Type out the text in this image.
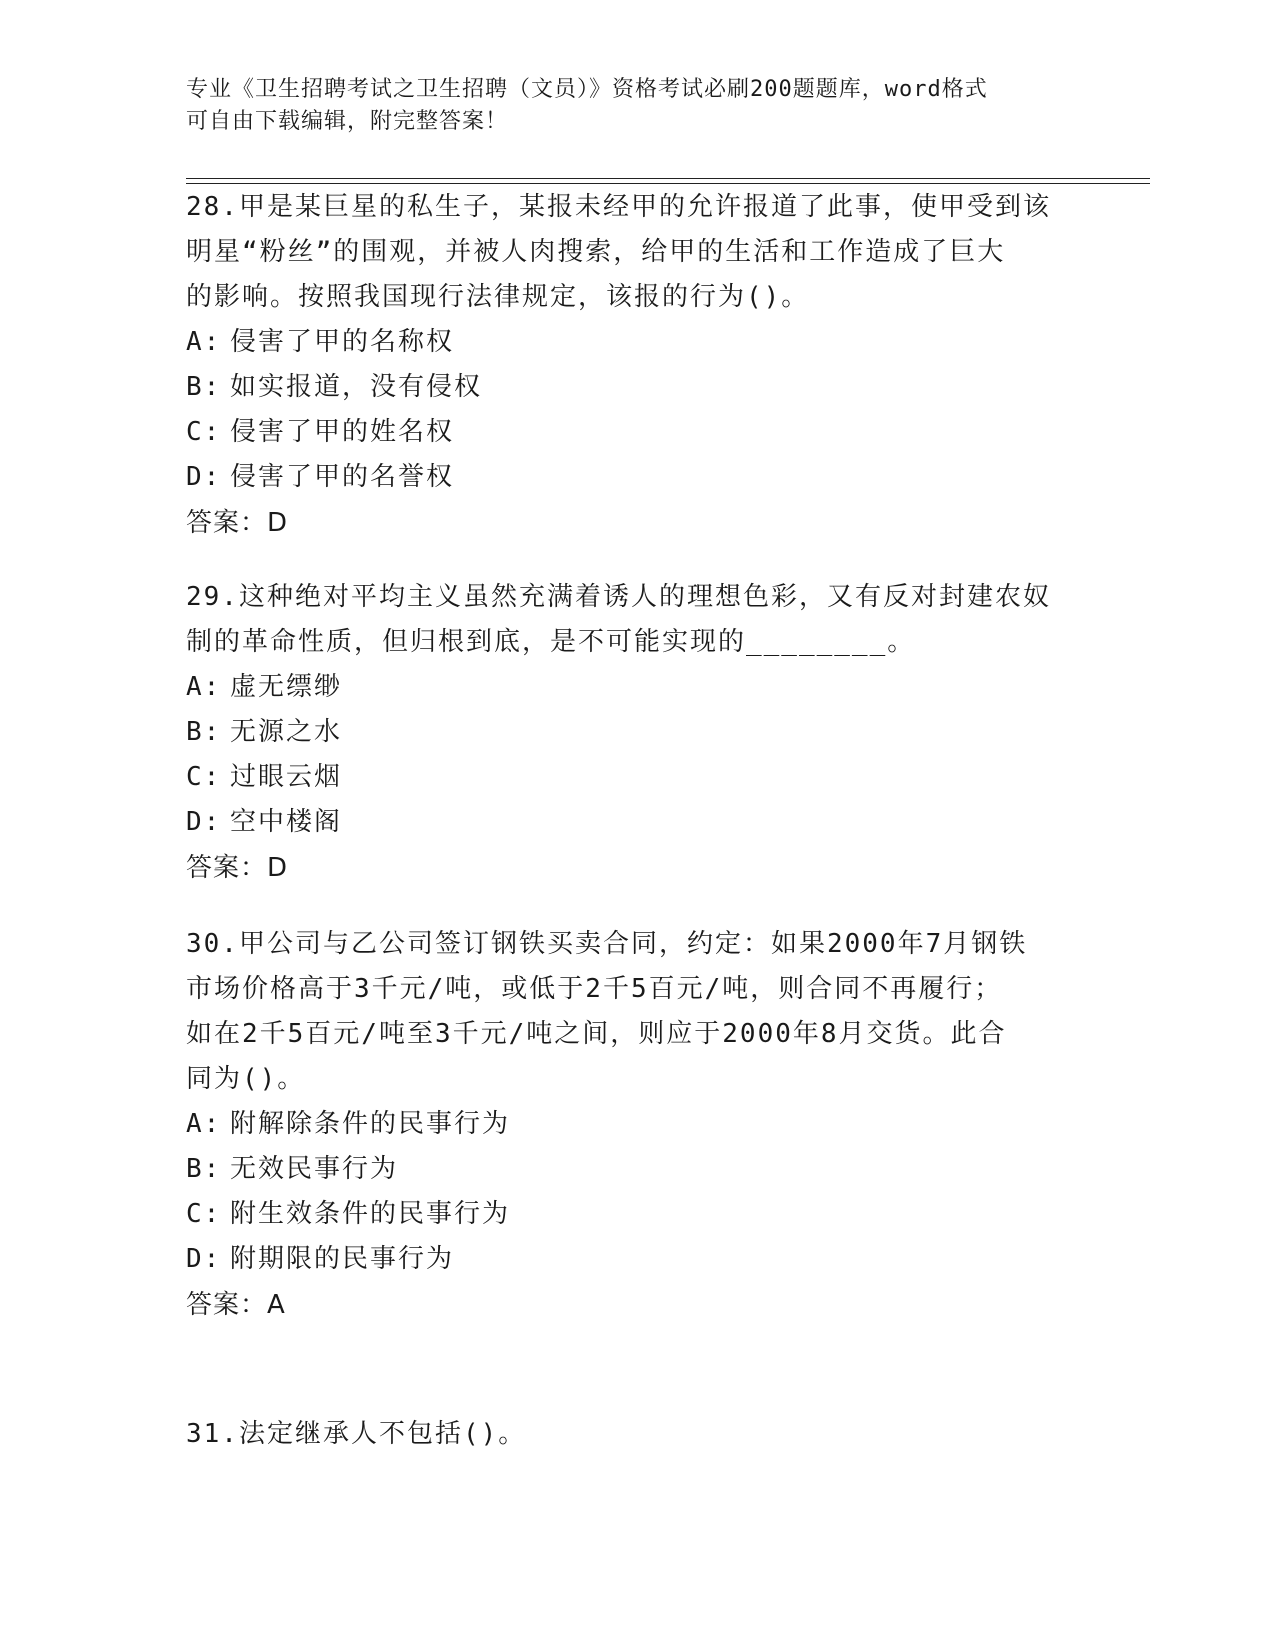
专业《卫生招聘考试之卫生招聘（文员）》资格考试必刷200题题库，word格式

可自由下载编辑，附完整答案！

28.甲是某巨星的私生子，某报未经甲的允许报道了此事，使甲受到该

明星“粉丝”的围观，并被人肉搜索，给甲的生活和工作造成了巨大

的影响。按照我国现行法律规定，该报的行为()。

A: 侵害了甲的名称权
B: 如实报道，没有侵权
C: 侵害了甲的姓名权
D: 侵害了甲的名誉权
答案：D

29.这种绝对平均主义虽然充满着诱人的理想色彩，又有反对封建农奴

制的革命性质，但归根到底，是不可能实现的________。

A: 虚无缥缈
B: 无源之水
C: 过眼云烟
D: 空中楼阁
答案：D

30.甲公司与乙公司签订钢铁买卖合同，约定：如果2000年7月钢铁

市场价格高于3千元/吨，或低于2千5百元/吨，则合同不再履行；

如在2千5百元/吨至3千元/吨之间，则应于2000年8月交货。此合

同为()。

A: 附解除条件的民事行为
B: 无效民事行为
C: 附生效条件的民事行为
D: 附期限的民事行为
答案：A

31.法定继承人不包括()。
